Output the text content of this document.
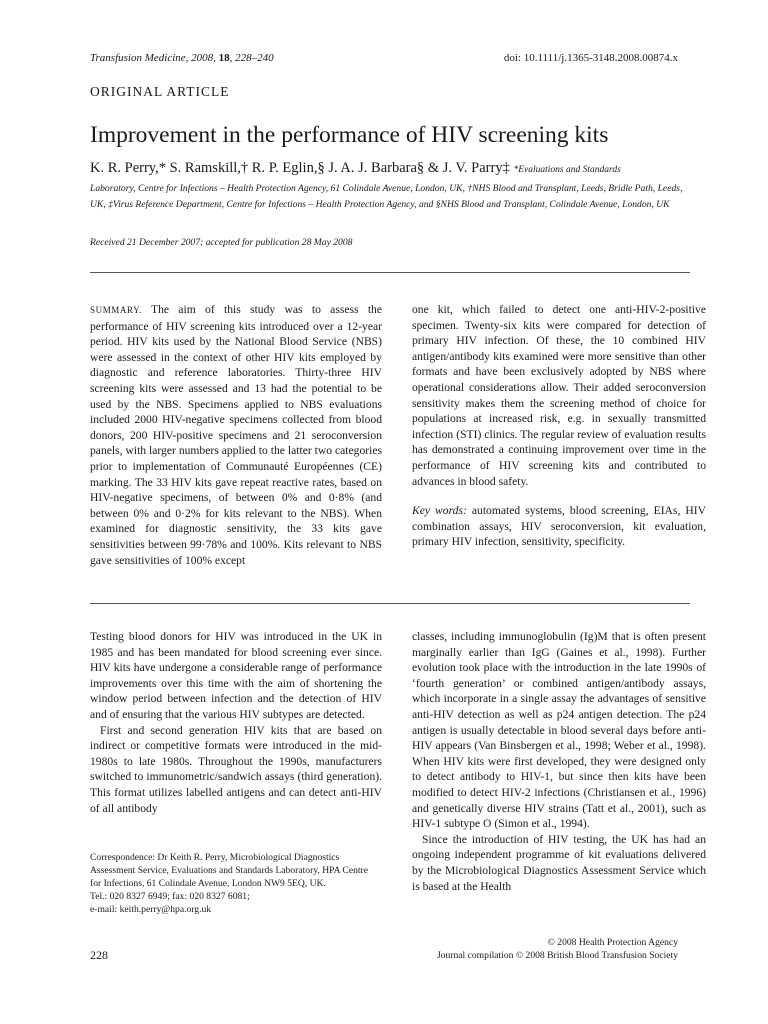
Transfusion Medicine, 2008, 18, 228–240	doi: 10.1111/j.1365-3148.2008.00874.x
ORIGINAL ARTICLE
Improvement in the performance of HIV screening kits
K. R. Perry,* S. Ramskill,† R. P. Eglin,§ J. A. J. Barbara§ & J. V. Parry‡ *Evaluations and Standards
Laboratory, Centre for Infections – Health Protection Agency, 61 Colindale Avenue, London, UK, †NHS Blood and Transplant, Leeds, Bridle Path, Leeds, UK, ‡Virus Reference Department, Centre for Infections – Health Protection Agency, and §NHS Blood and Transplant, Colindale Avenue, London, UK
Received 21 December 2007; accepted for publication 28 May 2008

SUMMARY. The aim of this study was to assess the performance of HIV screening kits introduced over a 12-year period. HIV kits used by the National Blood Service (NBS) were assessed in the context of other HIV kits employed by diagnostic and reference laboratories. Thirty-three HIV screening kits were assessed and 13 had the potential to be used by the NBS. Specimens applied to NBS evaluations included 2000 HIV-negative specimens collected from blood donors, 200 HIV-positive specimens and 21 seroconversion panels, with larger numbers applied to the latter two categories prior to implementation of Communauté Européennes (CE) marking. The 33 HIV kits gave repeat reactive rates, based on HIV-negative specimens, of between 0% and 0·8% (and between 0% and 0·2% for kits relevant to the NBS). When examined for diagnostic sensitivity, the 33 kits gave sensitivities between 99·78% and 100%. Kits relevant to NBS gave sensitivities of 100% except

one kit, which failed to detect one anti-HIV-2-positive specimen. Twenty-six kits were compared for detection of primary HIV infection. Of these, the 10 combined HIV antigen/antibody kits examined were more sensitive than other formats and have been exclusively adopted by NBS where operational considerations allow. Their added seroconversion sensitivity makes them the screening method of choice for populations at increased risk, e.g. in sexually transmitted infection (STI) clinics. The regular review of evaluation results has demonstrated a continuing improvement over time in the performance of HIV screening kits and contributed to advances in blood safety.

Key words: automated systems, blood screening, EIAs, HIV combination assays, HIV seroconversion, kit evaluation, primary HIV infection, sensitivity, specificity.

Testing blood donors for HIV was introduced in the UK in 1985 and has been mandated for blood screening ever since. HIV kits have undergone a considerable range of performance improvements over this time with the aim of shortening the window period between infection and the detection of HIV and of ensuring that the various HIV subtypes are detected.

First and second generation HIV kits that are based on indirect or competitive formats were introduced in the mid-1980s to late 1980s. Throughout the 1990s, manufacturers switched to immunometric/sandwich assays (third generation). This format utilizes labelled antigens and can detect anti-HIV of all antibody

classes, including immunoglobulin (Ig)M that is often present marginally earlier than IgG (Gaines et al., 1998). Further evolution took place with the introduction in the late 1990s of ‘fourth generation’ or combined antigen/antibody assays, which incorporate in a single assay the advantages of sensitive anti-HIV detection as well as p24 antigen detection. The p24 antigen is usually detectable in blood several days before anti-HIV appears (Van Binsbergen et al., 1998; Weber et al., 1998). When HIV kits were first developed, they were designed only to detect antibody to HIV-1, but since then kits have been modified to detect HIV-2 infections (Christiansen et al., 1996) and genetically diverse HIV strains (Tatt et al., 2001), such as HIV-1 subtype O (Simon et al., 1994).

Since the introduction of HIV testing, the UK has had an ongoing independent programme of kit evaluations delivered by the Microbiological Diagnostics Assessment Service which is based at the Health

Correspondence: Dr Keith R. Perry, Microbiological Diagnostics Assessment Service, Evaluations and Standards Laboratory, HPA Centre for Infections, 61 Colindale Avenue, London NW9 5EQ, UK.
Tel.: 020 8327 6949; fax: 020 8327 6081;
e-mail: keith.perry@hpa.org.uk
228
© 2008 Health Protection Agency
Journal compilation © 2008 British Blood Transfusion Society
